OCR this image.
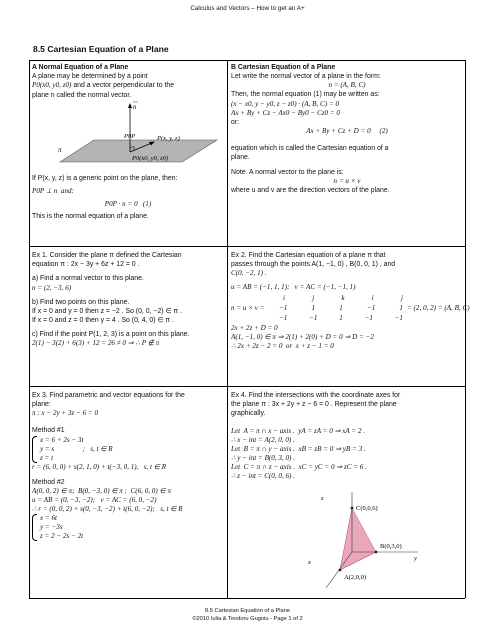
Calculus and Vectors – How to get an A+
8.5 Cartesian Equation of a Plane
A Normal Equation of a Plane
A plane may be determined by a point
P0(x0, y0, z0) and a vector perpendicular to the
plane n called the normal vector.
n
P0P	P(x, y, z)
P0(x0, y0, z0)
π
If P(x, y, z) is a generic point on the plane, then:
P0P ⊥ n  and:
P0P · n = 0   (1)
This is the normal equation of a plane.
B Cartesian Equation of a Plane
Let write the normal vector of a plane in the form:
n = (A, B, C)
Then, the normal equation (1) may be written as:
(x − x0, y − y0, z − z0) · (A, B, C) = 0
Ax + By + Cz − Ax0 − By0 − Cz0 = 0
or:
Ax + By + Cz + D = 0     (2)
equation which is called the Cartesian equation of a
plane.
Note. A normal vector to the plane is:
n = u × v
where u and v are the direction vectors of the plane.
Ex 1. Consider the plane π defined the Cartesian
equation π : 2x − 3y + 6z + 12 = 0 .
a) Find a normal vector to this plane.
n = (2, −3, 6)
b) Find two points on this plane.
If x = 0 and y = 0 then z = −2 . So (0, 0, −2) ∈ π .
If x = 0 and z = 0 then y = 4 . So (0, 4, 0) ∈ π .
c) Find if the point P(1, 2, 3) is a point on this plane.
2(1) − 3(2) + 6(3) + 12 = 26 ≠ 0 ⇒ ∴ P ∉ π
Ex 2. Find the Cartesian equation of a plane π that
passes through the points A(1, −1, 0) , B(0, 0, 1) , and
C(0, −2, 1) .
u = AB = (−1, 1, 1);   v = AC = (−1, −1, 1)
i	j	k	i	j
n = u × v = −1	1	1	−1	1 = (2, 0, 2) = (A, B, C)
−1	−1	1	−1	−1
2x + 2z + D = 0
A(1, −1, 0) ∈ π ⇒ 2(1) + 2(0) + D = 0 ⇒ D = −2
∴ 2x + 2z − 2 = 0  or  x + z − 1 = 0
Ex 3. Find parametric and vector equations for the
plane:
π : x − 2y + 3z − 6 = 0
Method #1
x = 6 + 2s − 3t
y = s                ;   s, t ∈ R
z = t
r = (6, 0, 0) + s(2, 1, 0) + t(−3, 0, 1),   s, t ∈ R
Method #2
A(0, 0, 2) ∈ π;  B(0, −3, 0) ∈ π ;  C(6, 0, 0) ∈ π
u = AB = (0, −3, −2);   v = AC = (6, 0, −2)
∴ r = (0, 0, 2) + s(0, −3, −2) + t(6, 0, −2);   s, t ∈ R
x = 6t
y = −3s
z = 2 − 2s − 2t
Ex 4. Find the intersections with the coordinate axes for
the plane π : 3x + 2y + z − 6 = 0 . Represent the plane
graphically.
Let  A = π ∩ x − axis .  yA = zA = 0 ⇒ xA = 2 .
∴ x − int = A(2, 0, 0) .
Let  B = π ∩ y − axis .  xB = zB = 0 ⇒ yB = 3 .
∴ y − int = B(0, 3, 0) .
Let  C = π ∩ z − axis .  xC = yC = 0 ⇒ zC = 6 .
∴ z − int = C(0, 0, 6) .
z
x
y
C(0,0,6)
B(0,3,0)
A(2,0,0)
8.5 Cartesian Equation of a Plane
©2010 Iulia & Teodoru Gugoiu - Page 1 of 2
